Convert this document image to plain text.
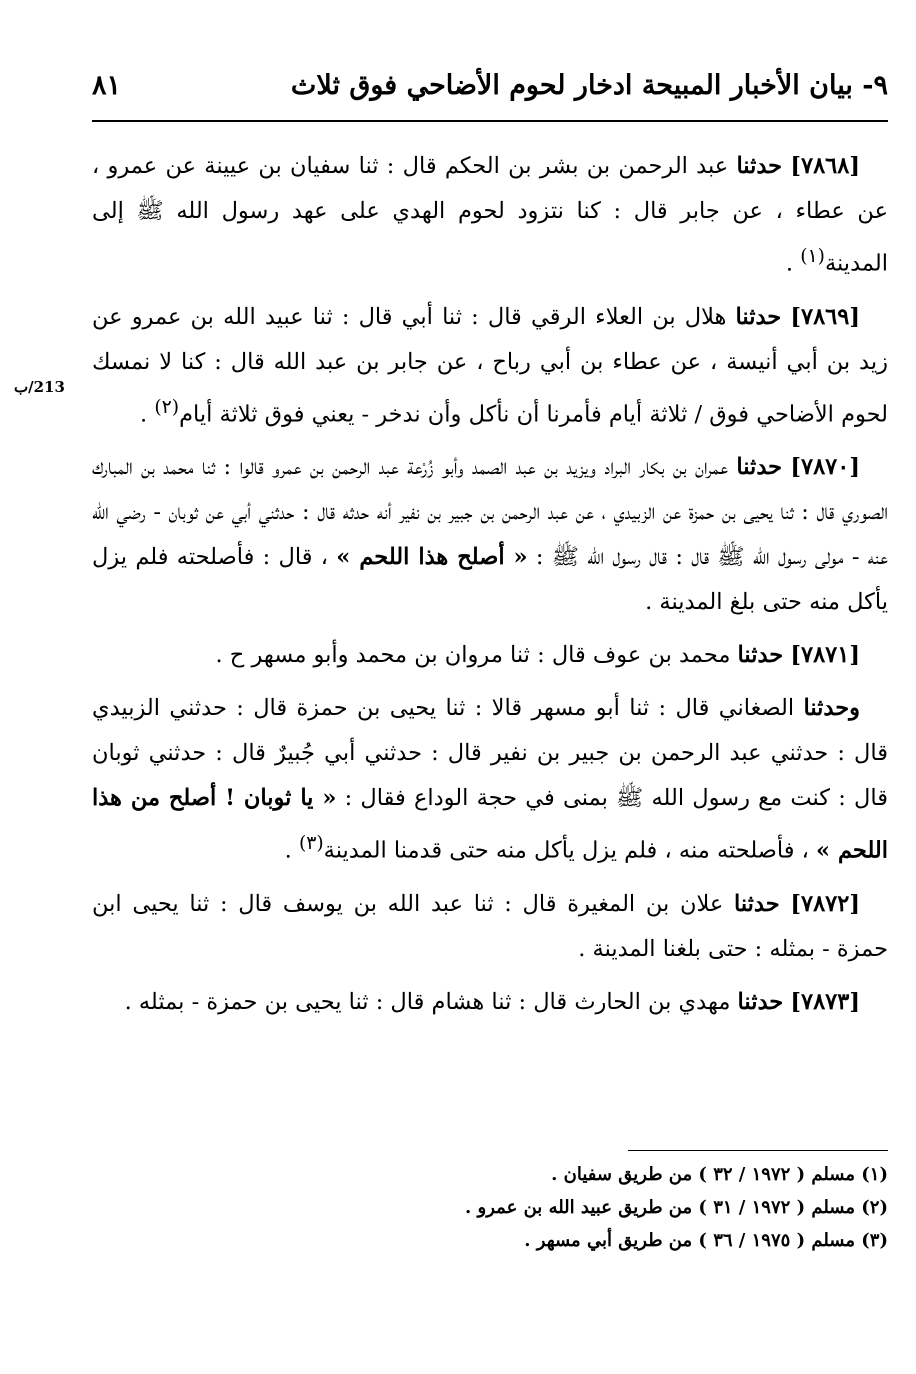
٩- بيان الأخبار المبيحة ادخار لحوم الأضاحي فوق ثلاث
٨١
213/ب

[٧٨٦٨] حدثنا عبد الرحمن بن بشر بن الحكم قال : ثنا سفيان بن عيينة عن عمرو ، عن عطاء ، عن جابر قال : كنا نتزود لحوم الهدي على عهد رسول الله ﷺ إلى المدينة$^{(١)}$ .

[٧٨٦٩] حدثنا هلال بن العلاء الرقي قال : ثنا أبي قال : ثنا عبيد الله بن عمرو عن زيد بن أبي أنيسة ، عن عطاء بن أبي رباح ، عن جابر بن عبد الله قال : كنا لا نمسك لحوم الأضاحي فوق / ثلاثة أيام فأمرنا أن نأكل وأن ندخر - يعني فوق ثلاثة أيام$^{(٢)}$ .

[٧٨٧٠] حدثنا عمران بن بكار البراد ويزيد بن عبد الصمد وأبو زُرْعة عبد الرحمن بن عمرو قالوا : ثنا محمد بن المبارك الصوري قال : ثنا يحيى بن حمزة عن الزبيدي ، عن عبد الرحمن بن جبير بن نفير أنه حدثه قال : حدثني أبي عن ثوبان - رضي الله عنه - مولى رسول الله ﷺ قال : قال رسول الله ﷺ : « أصلح هذا اللحم » ، قال : فأصلحته فلم يزل يأكل منه حتى بلغ المدينة .

[٧٨٧١] حدثنا محمد بن عوف قال : ثنا مروان بن محمد وأبو مسهر ح .

وحدثنا الصغاني قال : ثنا أبو مسهر قالا : ثنا يحيى بن حمزة قال : حدثني الزبيدي قال : حدثني عبد الرحمن بن جبير بن نفير قال : حدثني أبي جُبيرٌ قال : حدثني ثوبان قال : كنت مع رسول الله ﷺ بمنى في حجة الوداع فقال : « يا ثوبان ! أصلح من هذا اللحم » ، فأصلحته منه ، فلم يزل يأكل منه حتى قدمنا المدينة$^{(٣)}$ .

[٧٨٧٢] حدثنا علان بن المغيرة قال : ثنا عبد الله بن يوسف قال : ثنا يحيى ابن حمزة - بمثله : حتى بلغنا المدينة .

[٧٨٧٣] حدثنا مهدي بن الحارث قال : ثنا هشام قال : ثنا يحيى بن حمزة - بمثله .

(١) مسلم ( ١٩٧٢ / ٣٢ ) من طريق سفيان .

(٢) مسلم ( ١٩٧٢ / ٣١ ) من طريق عبيد الله بن عمرو .

(٣) مسلم ( ١٩٧٥ / ٣٦ ) من طريق أبي مسهر .
